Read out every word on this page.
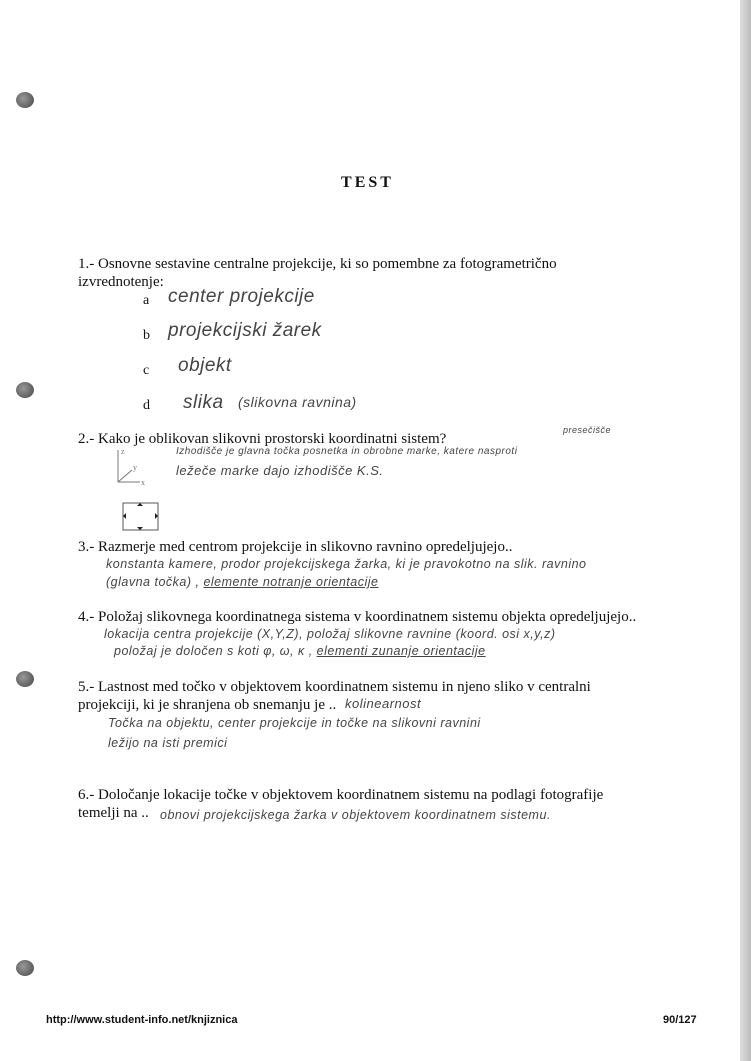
TEST
1.- Osnovne sestavine centralne projekcije, ki so pomembne za fotogrametrično
izvrednotenje:
a center projekcije
b projekcijski žarek
c objekt
d slika (slikovna ravnina)
2.- Kako je oblikovan slikovni prostorski koordinatni sistem?
presečišče
Izhodišče je glavna točka posnetka in obrobne marke, katere nasproti
ležeče marke dajo izhodišče K.S.
z
y
x
3.- Razmerje med centrom projekcije in slikovno ravnino opredeljujejo..
konstanta kamere, prodor projekcijskega žarka, ki je pravokotno na slik. ravnino
(glavna točka) , elemente notranje orientacije
4.- Položaj slikovnega koordinatnega sistema v koordinatnem sistemu objekta opredeljujejo..
lokacija centra projekcije (X,Y,Z), položaj slikovne ravnine (koord. osi x,y,z)
položaj je določen s koti φ, ω, κ , elementi zunanje orientacije
5.- Lastnost med točko v objektovem koordinatnem sistemu in njeno sliko v centralni
projekciji, ki je shranjena ob snemanju je .. kolinearnost
Točka na objektu, center projekcije in točke na slikovni ravnini
ležijo na isti premici
6.- Določanje lokacije točke v objektovem koordinatnem sistemu na podlagi fotografije
temelji na .. obnovi projekcijskega žarka v objektovem koordinatnem sistemu.
http://www.student-info.net/knjiznica	90/127
